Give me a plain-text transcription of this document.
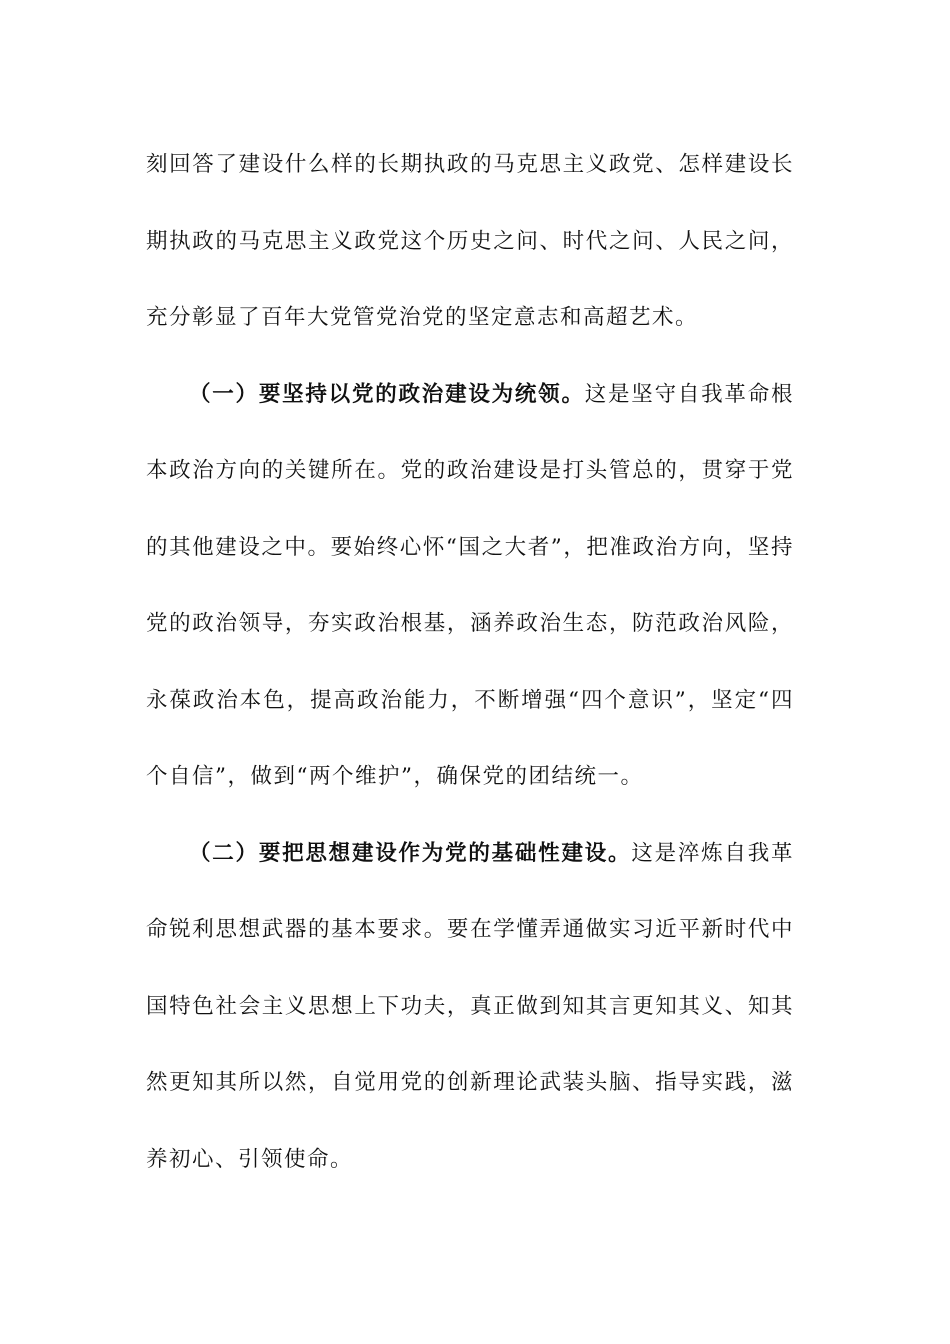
刻回答了建设什么样的长期执政的马克思主义政党、怎样建设长期执政的马克思主义政党这个历史之问、时代之问、人民之问，充分彰显了百年大党管党治党的坚定意志和高超艺术。

（一）要坚持以党的政治建设为统领。这是坚守自我革命根本政治方向的关键所在。党的政治建设是打头管总的，贯穿于党的其他建设之中。要始终心怀“国之大者”，把准政治方向，坚持党的政治领导，夯实政治根基，涵养政治生态，防范政治风险，永葆政治本色，提高政治能力，不断增强“四个意识”，坚定“四个自信”，做到“两个维护”，确保党的团结统一。

（二）要把思想建设作为党的基础性建设。这是淬炼自我革命锐利思想武器的基本要求。要在学懂弄通做实习近平新时代中国特色社会主义思想上下功夫，真正做到知其言更知其义、知其然更知其所以然，自觉用党的创新理论武装头脑、指导实践，滋养初心、引领使命。
